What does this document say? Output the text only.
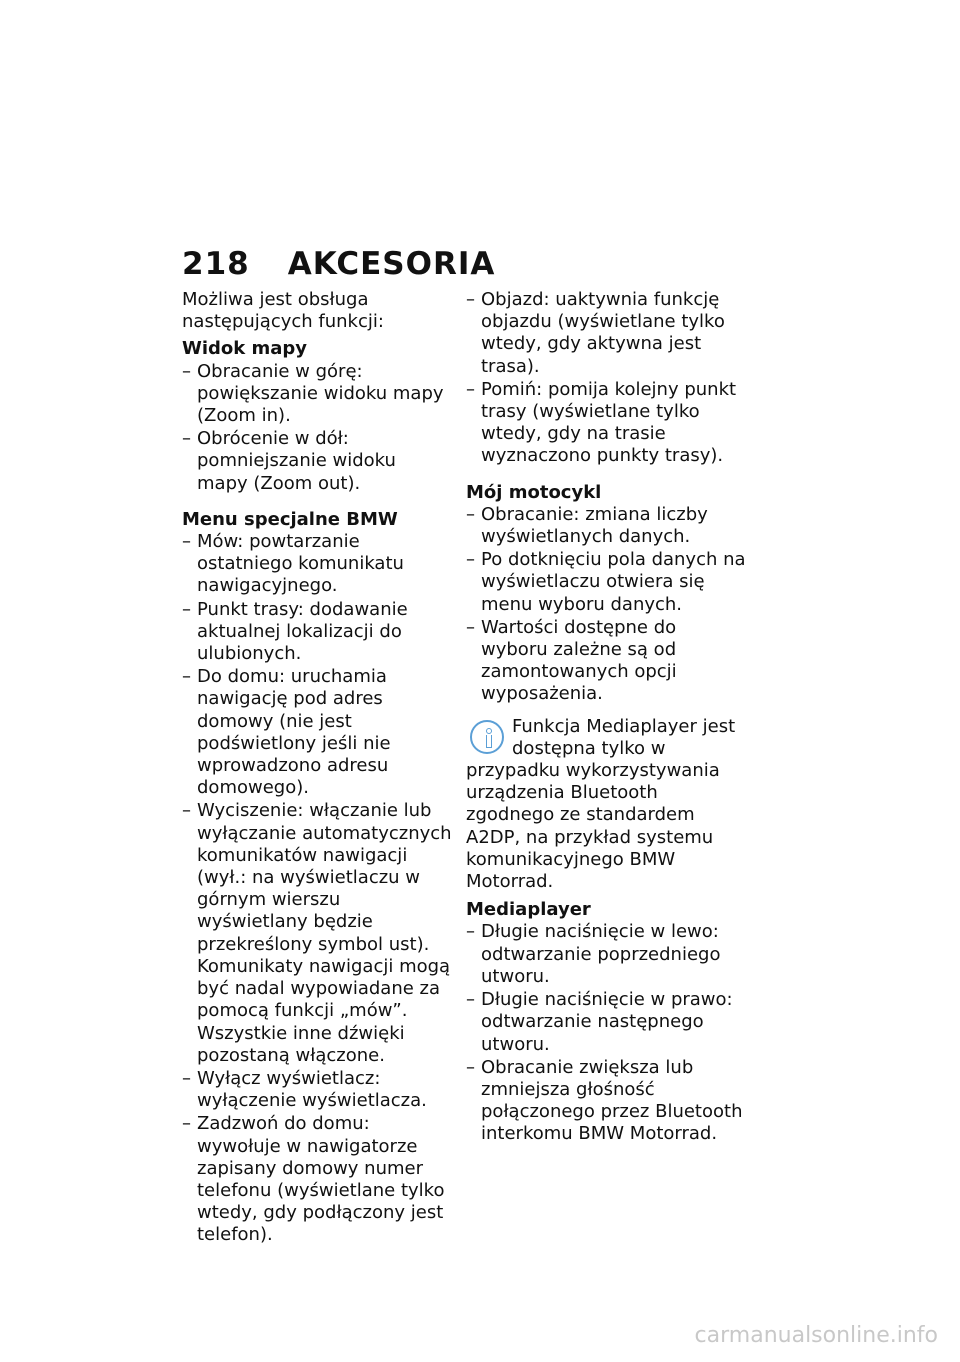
218 AKCESORIA

Możliwa jest obsługa następujących funkcji:

Widok mapy
– Obracanie w górę: powiększanie widoku mapy (Zoom in).
– Obrócenie w dół: pomniejszanie widoku mapy (Zoom out).
Menu specjalne BMW
– Mów: powtarzanie ostatniego komunikatu nawigacyjnego.
– Punkt trasy: dodawanie aktualnej lokalizacji do ulubionych.
– Do domu: uruchamia nawigację pod adres domowy (nie jest podświetlony jeśli nie wprowadzono adresu domowego).
– Wyciszenie: włączanie lub wyłączanie automatycznych komunikatów nawigacji (wył.: na wyświetlaczu w górnym wierszu wyświetlany będzie przekreślony symbol ust). Komunikaty nawigacji mogą być nadal wypowiadane za pomocą funkcji „mów”. Wszystkie inne dźwięki pozostaną włączone.
– Wyłącz wyświetlacz: wyłączenie wyświetlacza.
– Zadzwoń do domu: wywołuje w nawigatorze zapisany domowy numer telefonu (wyświetlane tylko wtedy, gdy podłączony jest telefon).
– Objazd: uaktywnia funkcję objazdu (wyświetlane tylko wtedy, gdy aktywna jest trasa).
– Pomiń: pomija kolejny punkt trasy (wyświetlane tylko wtedy, gdy na trasie wyznaczono punkty trasy).
Mój motocykl
– Obracanie: zmiana liczby wyświetlanych danych.
– Po dotknięciu pola danych na wyświetlaczu otwiera się menu wyboru danych.
– Wartości dostępne do wyboru zależne są od zamontowanych opcji wyposażenia.
Funkcja Mediaplayer jest dostępna tylko w przypadku wykorzystywania urządzenia Bluetooth zgodnego ze standardem A2DP, na przykład systemu komunikacyjnego BMW Motorrad.
Mediaplayer
– Długie naciśnięcie w lewo: odtwarzanie poprzedniego utworu.
– Długie naciśnięcie w prawo: odtwarzanie następnego utworu.
– Obracanie zwiększa lub zmniejsza głośność połączonego przez Bluetooth interkomu BMW Motorrad.
carmanualsonline.info
